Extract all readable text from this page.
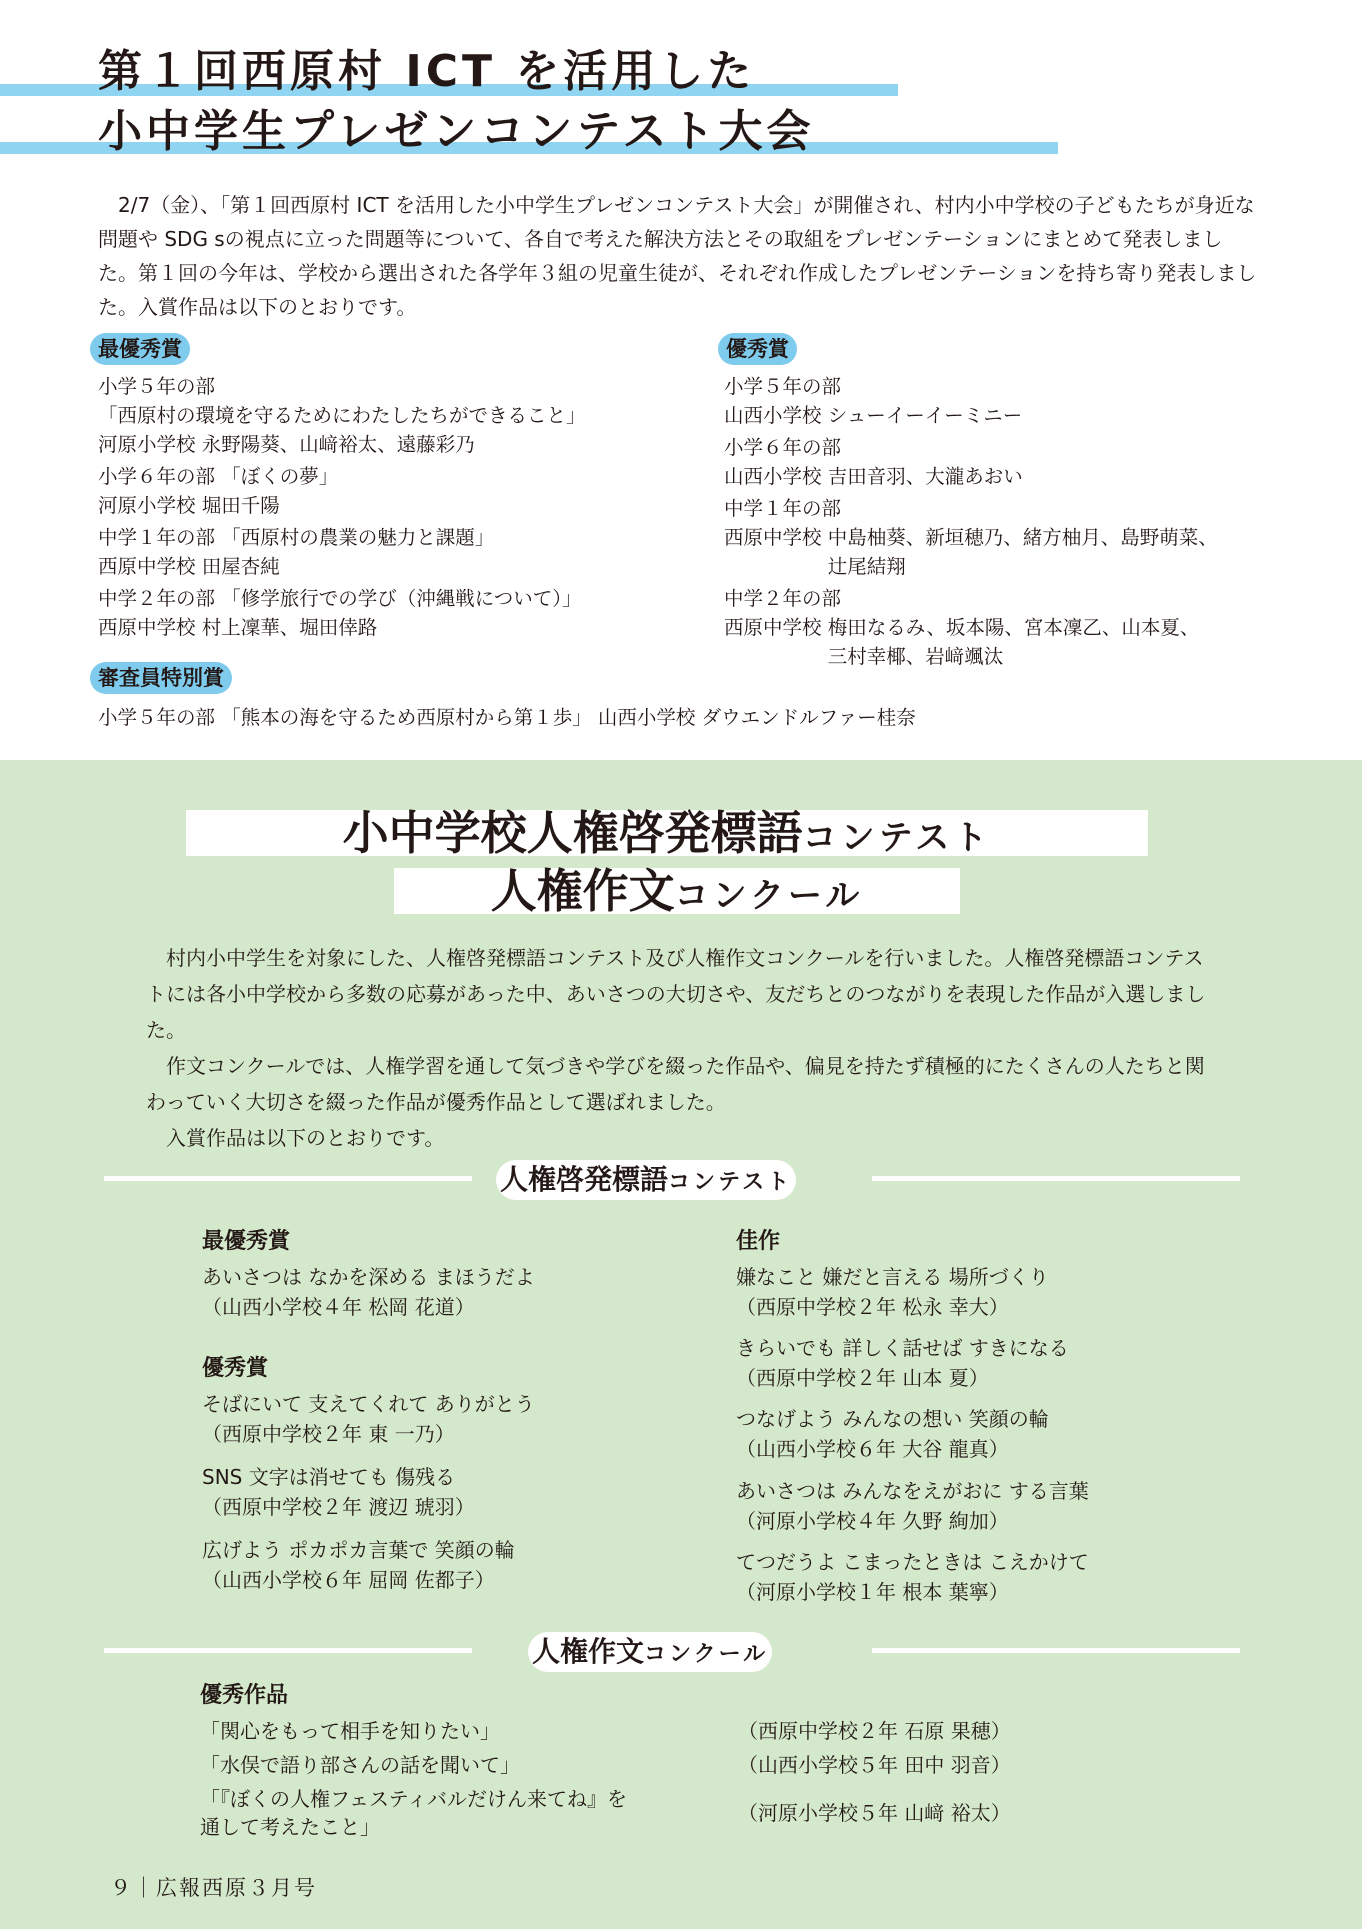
第１回西原村 ICT を活用した
小中学生プレゼンコンテスト大会

2/7（金）、「第１回西原村 ICT を活用した小中学生プレゼンコンテスト大会」が開催され、村内小中学校の子どもたちが身近な問題や SDG sの視点に立った問題等について、各自で考えた解決方法とその取組をプレゼンテーションにまとめて発表しました。第１回の今年は、学校から選出された各学年３組の児童生徒が、それぞれ作成したプレゼンテーションを持ち寄り発表しました。入賞作品は以下のとおりです。

最優秀賞
小学５年の部
「西原村の環境を守るためにわたしたちができること」
河原小学校 永野陽葵、山﨑裕太、遠藤彩乃
小学６年の部 「ぼくの夢」
河原小学校 堀田千陽
中学１年の部 「西原村の農業の魅力と課題」
西原中学校 田屋杏純
中学２年の部 「修学旅行での学び（沖縄戦について）」
西原中学校 村上凜華、堀田倖路
優秀賞
小学５年の部
山西小学校 シューイーイーミニー
小学６年の部
山西小学校 吉田音羽、大瀧あおい
中学１年の部
西原中学校 中島柚葵、新垣穂乃、緒方柚月、島野萌菜、
　　　　　 辻尾結翔
中学２年の部
西原中学校 梅田なるみ、坂本陽、宮本凜乙、山本夏、
　　　　　 三村幸椰、岩﨑颯汰
審査員特別賞
小学５年の部 「熊本の海を守るため西原村から第１歩」 山西小学校 ダウエンドルファー桂奈
小中学校人権啓発標語コンテスト
人権作文コンクール

村内小中学生を対象にした、人権啓発標語コンテスト及び人権作文コンクールを行いました。人権啓発標語コンテストには各小中学校から多数の応募があった中、あいさつの大切さや、友だちとのつながりを表現した作品が入選しました。

作文コンクールでは、人権学習を通して気づきや学びを綴った作品や、偏見を持たず積極的にたくさんの人たちと関わっていく大切さを綴った作品が優秀作品として選ばれました。

入賞作品は以下のとおりです。

人権啓発標語コンテスト
最優秀賞
あいさつは なかを深める まほうだよ
（山西小学校４年 松岡 花道）
優秀賞
そばにいて 支えてくれて ありがとう
（西原中学校２年 東 一乃）
SNS 文字は消せても 傷残る
（西原中学校２年 渡辺 琥羽）
広げよう ポカポカ言葉で 笑顔の輪
（山西小学校６年 屈岡 佐都子）
佳作
嫌なこと 嫌だと言える 場所づくり
（西原中学校２年 松永 幸大）
きらいでも 詳しく話せば すきになる
（西原中学校２年 山本 夏）
つなげよう みんなの想い 笑顔の輪
（山西小学校６年 大谷 龍真）
あいさつは みんなをえがおに する言葉
（河原小学校４年 久野 絢加）
てつだうよ こまったときは こえかけて
（河原小学校１年 根本 葉寧）
人権作文コンクール
優秀作品
「関心をもって相手を知りたい」	（西原中学校２年 石原 果穂）
「水俣で語り部さんの話を聞いて」	（山西小学校５年 田中 羽音）
「『ぼくの人権フェスティバルだけん来てね』を
通して考えたこと」
（河原小学校５年 山﨑 裕太）
９｜広報西原３月号
